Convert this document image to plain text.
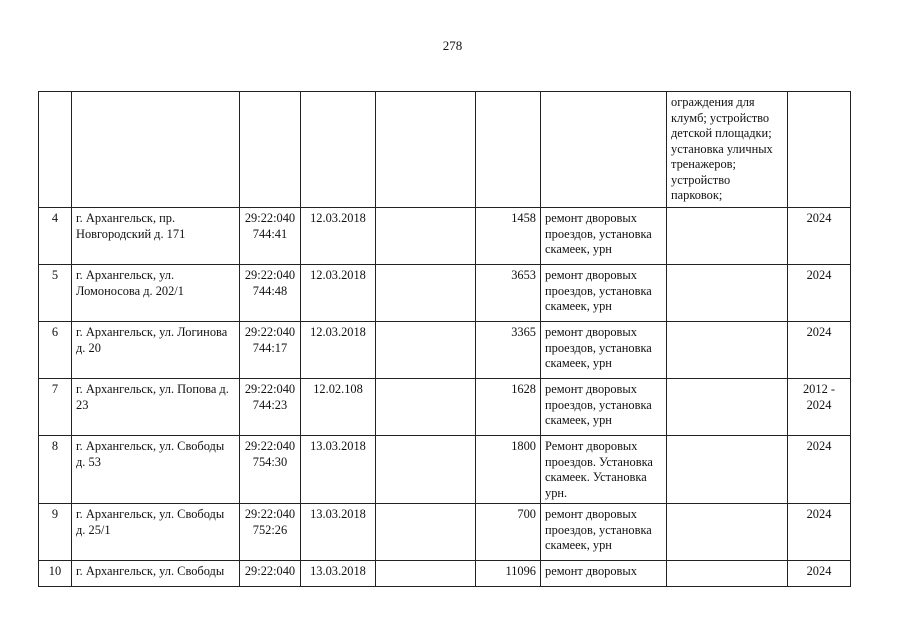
278
							ограждения для клумб; устройство детской площадки; установка уличных тренажеров; устройство парковок;	
4	г. Архангельск, пр. Новгородский д. 171	29:22:040 744:41	12.03.2018		1458	ремонт дворовых проездов, установка скамеек, урн		2024
5	г. Архангельск, ул. Ломоносова д. 202/1	29:22:040 744:48	12.03.2018		3653	ремонт дворовых проездов, установка скамеек, урн		2024
6	г. Архангельск, ул. Логинова д. 20	29:22:040 744:17	12.03.2018		3365	ремонт дворовых проездов, установка скамеек, урн		2024
7	г. Архангельск, ул. Попова д. 23	29:22:040 744:23	12.02.108		1628	ремонт дворовых проездов, установка скамеек, урн		2012 - 2024
8	г. Архангельск, ул. Свободы д. 53	29:22:040 754:30	13.03.2018		1800	Ремонт дворовых проездов. Установка скамеек. Установка урн.		2024
9	г. Архангельск, ул. Свободы д. 25/1	29:22:040 752:26	13.03.2018		700	ремонт дворовых проездов, установка скамеек, урн		2024
10	г. Архангельск, ул. Свободы	29:22:040	13.03.2018		11096	ремонт дворовых		2024
